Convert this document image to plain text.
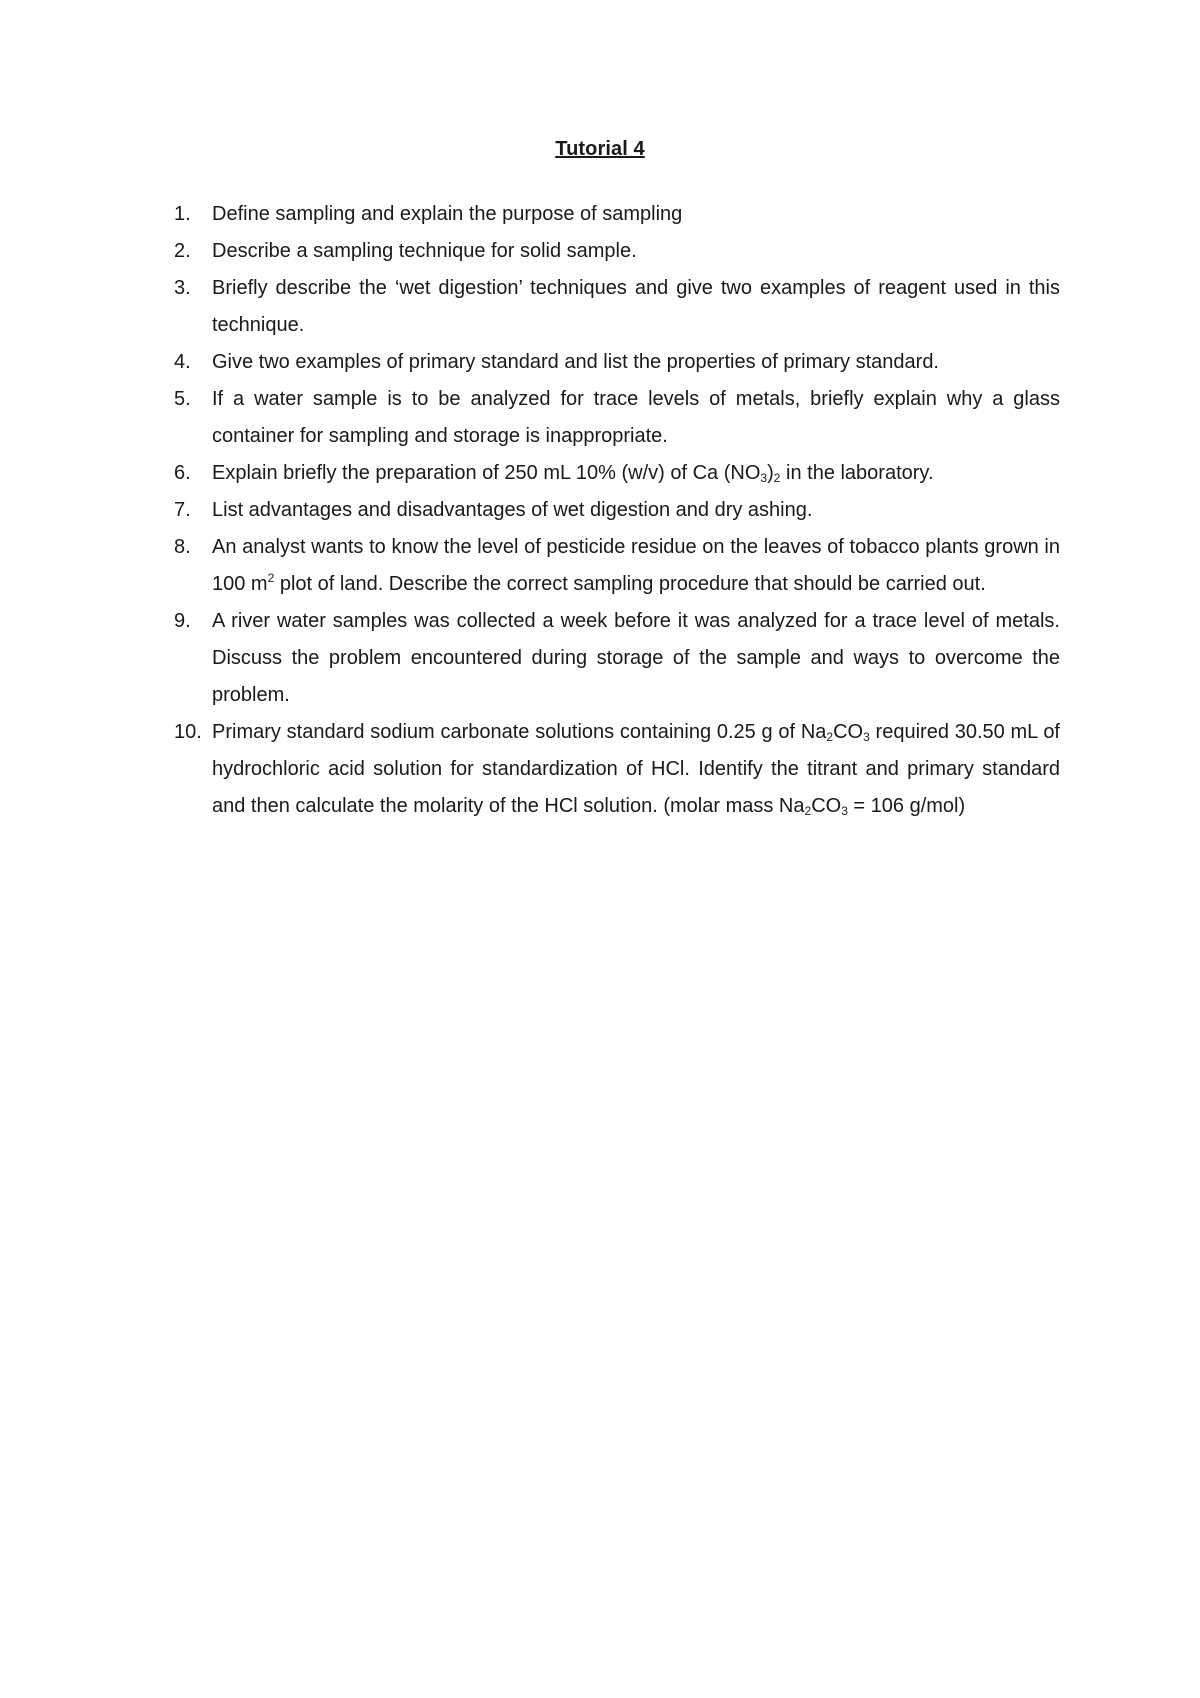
Tutorial 4
1.	Define sampling and explain the purpose of sampling
2.	Describe a sampling technique for solid sample.
3.	Briefly describe the ‘wet digestion’ techniques and give two examples of reagent used in this technique.
4.	Give two examples of primary standard and list the properties of primary standard.
5.	If a water sample is to be analyzed for trace levels of metals, briefly explain why a glass container for sampling and storage is inappropriate.
6.	Explain briefly the preparation of 250 mL 10% (w/v) of Ca $(NO_3)_2$ in the laboratory.
7.	List advantages and disadvantages of wet digestion and dry ashing.
8.	An analyst wants to know the level of pesticide residue on the leaves of tobacco plants grown in 100 $m^2$ plot of land. Describe the correct sampling procedure that should be carried out.
9.	A river water samples was collected a week before it was analyzed for a trace level of metals. Discuss the problem encountered during storage of the sample and ways to overcome the problem.
10. Primary standard sodium carbonate solutions containing 0.25 g of $Na_2CO_3$ required 30.50 mL of hydrochloric acid solution for standardization of HCl. Identify the titrant and primary standard and then calculate the molarity of the HCl solution. (molar mass $Na_2CO_3 = 106$ g/mol)
